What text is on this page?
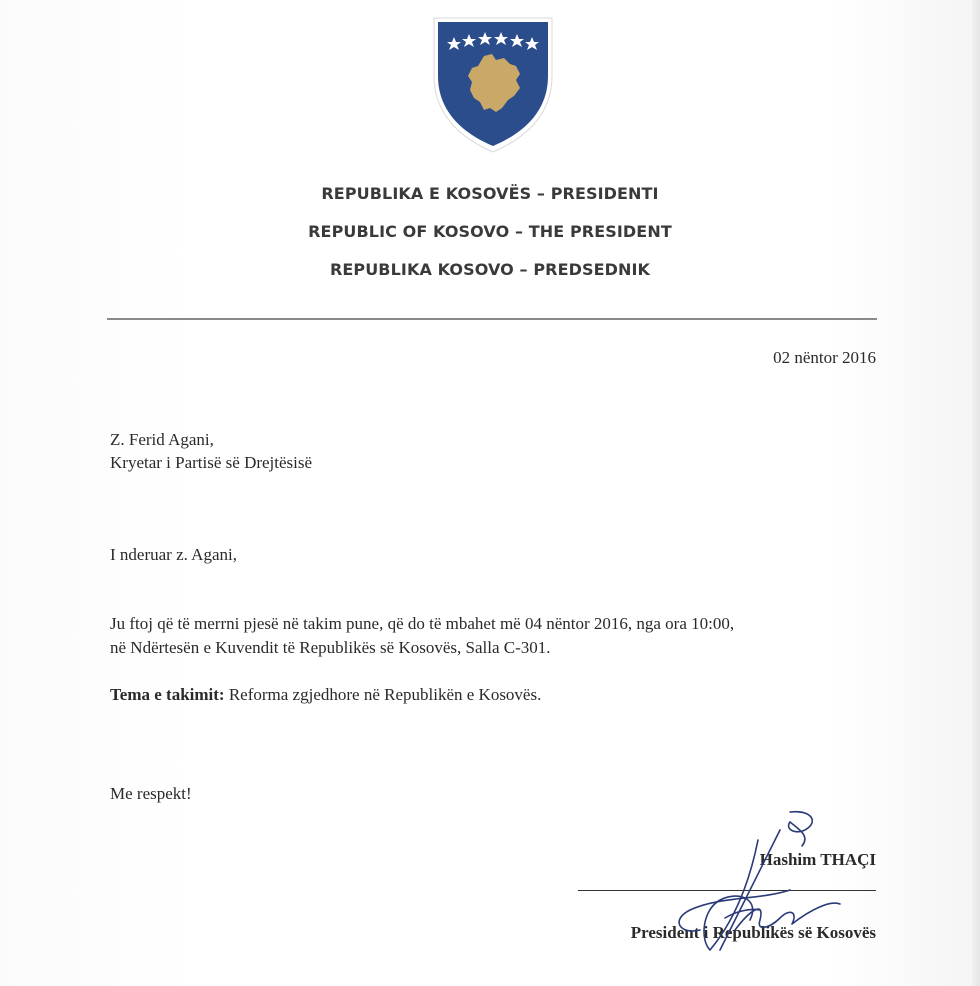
REPUBLIKA E KOSOVËS – PRESIDENTI
REPUBLIC OF KOSOVO – THE PRESIDENT
REPUBLIKA KOSOVO – PREDSEDNIK
02 nëntor 2016
Z. Ferid Agani,
Kryetar i Partisë së Drejtësisë
I nderuar z. Agani,
Ju ftoj që të merrni pjesë në takim pune, që do të mbahet më 04 nëntor 2016, nga ora 10:00,
në Ndërtesën e Kuvendit të Republikës së Kosovës, Salla C-301.
Tema e takimit: Reforma zgjedhore në Republikën e Kosovës.
Me respekt!
Hashim THAÇI
President i Republikës së Kosovës
